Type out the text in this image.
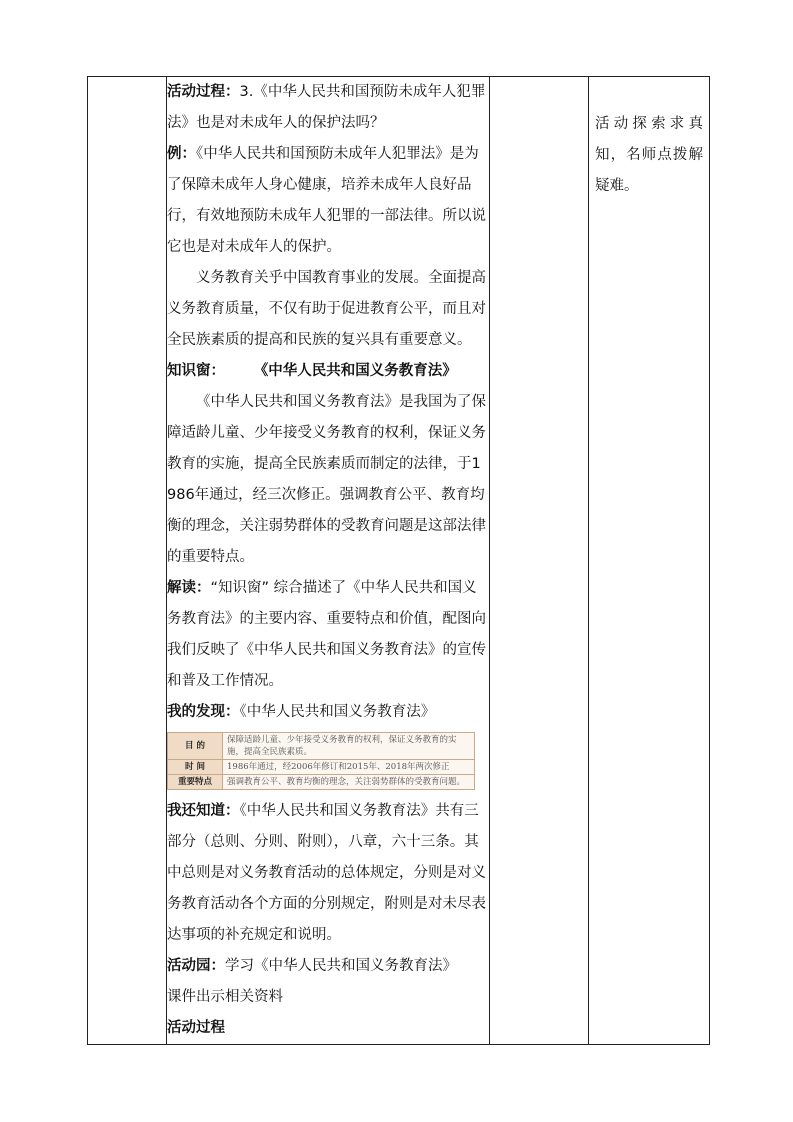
活动过程：3.《中华人民共和国预防未成年人犯罪法》也是对未成年人的保护法吗？

例：《中华人民共和国预防未成年人犯罪法》是为了保障未成年人身心健康，培养未成年人良好品行，有效地预防未成年人犯罪的一部法律。所以说它也是对未成年人的保护。

义务教育关乎中国教育事业的发展。全面提高义务教育质量，不仅有助于促进教育公平，而且对全民族素质的提高和民族的复兴具有重要意义。

知识窗： 《中华人民共和国义务教育法》

《中华人民共和国义务教育法》是我国为了保障适龄儿童、少年接受义务教育的权利，保证义务教育的实施，提高全民族素质而制定的法律，于1986年通过，经三次修正。强调教育公平、教育均衡的理念，关注弱势群体的受教育问题是这部法律的重要特点。

解读：“知识窗” 综合描述了《中华人民共和国义务教育法》的主要内容、重要特点和价值，配图向我们反映了《中华人民共和国义务教育法》的宣传和普及工作情况。

我的发现：《中华人民共和国义务教育法》

目 的	保障适龄儿童、少年接受义务教育的权利，保证义务教育的实施，提高全民族素质。
时 间	1986年通过，经2006年修订和2015年、2018年两次修正
重要特点	强调教育公平、教育均衡的理念，关注弱势群体的受教育问题。

我还知道：《中华人民共和国义务教育法》共有三部分（总则、分则、附则），八章，六十三条。其中总则是对义务教育活动的总体规定，分则是对义务教育活动各个方面的分别规定，附则是对未尽表达事项的补充规定和说明。

活动园：学习《中华人民共和国义务教育法》

课件出示相关资料

活动过程

活动探索求真知，名师点拨解疑难。
